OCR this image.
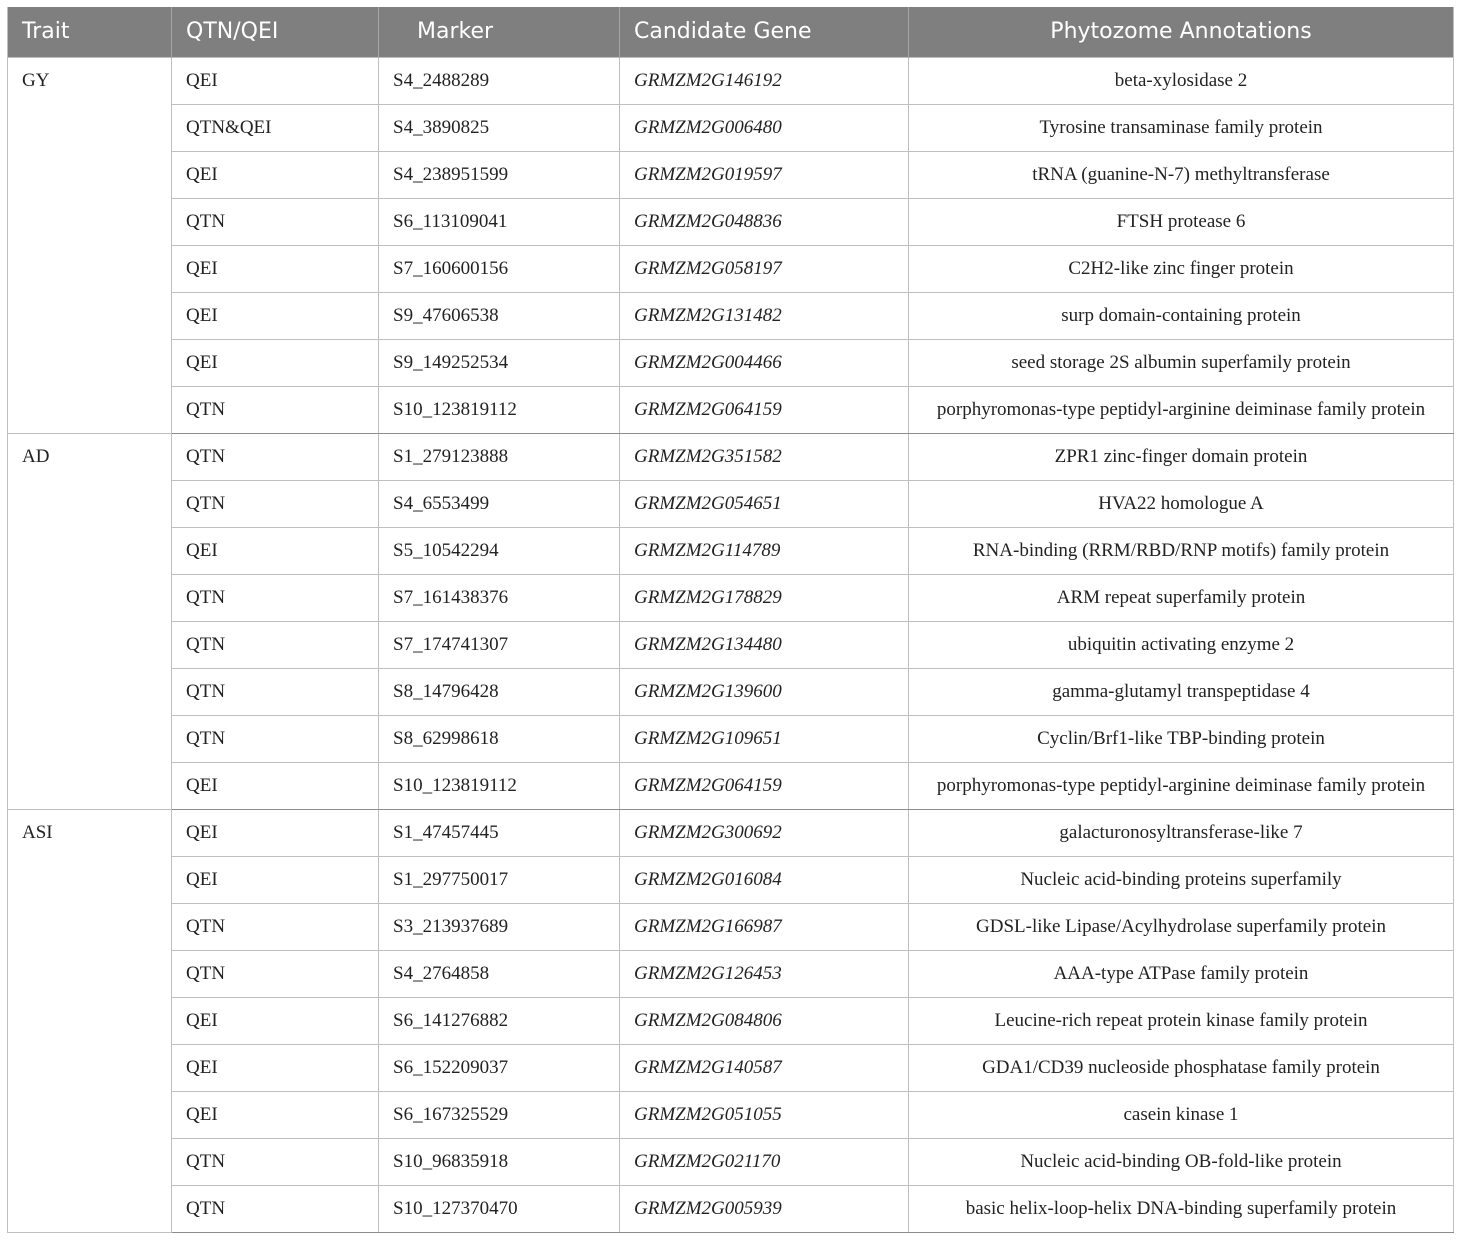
Trait	QTN/QEI	Marker	Candidate Gene	Phytozome Annotations
GY	QEI	S4_2488289	GRMZM2G146192	beta-xylosidase 2
	QTN&QEI	S4_3890825	GRMZM2G006480	Tyrosine transaminase family protein
	QEI	S4_238951599	GRMZM2G019597	tRNA (guanine-N-7) methyltransferase
	QTN	S6_113109041	GRMZM2G048836	FTSH protease 6
	QEI	S7_160600156	GRMZM2G058197	C2H2-like zinc finger protein
	QEI	S9_47606538	GRMZM2G131482	surp domain-containing protein
	QEI	S9_149252534	GRMZM2G004466	seed storage 2S albumin superfamily protein
	QTN	S10_123819112	GRMZM2G064159	porphyromonas-type peptidyl-arginine deiminase family protein
AD	QTN	S1_279123888	GRMZM2G351582	ZPR1 zinc-finger domain protein
	QTN	S4_6553499	GRMZM2G054651	HVA22 homologue A
	QEI	S5_10542294	GRMZM2G114789	RNA-binding (RRM/RBD/RNP motifs) family protein
	QTN	S7_161438376	GRMZM2G178829	ARM repeat superfamily protein
	QTN	S7_174741307	GRMZM2G134480	ubiquitin activating enzyme 2
	QTN	S8_14796428	GRMZM2G139600	gamma-glutamyl transpeptidase 4
	QTN	S8_62998618	GRMZM2G109651	Cyclin/Brf1-like TBP-binding protein
	QEI	S10_123819112	GRMZM2G064159	porphyromonas-type peptidyl-arginine deiminase family protein
ASI	QEI	S1_47457445	GRMZM2G300692	galacturonosyltransferase-like 7
	QEI	S1_297750017	GRMZM2G016084	Nucleic acid-binding proteins superfamily
	QTN	S3_213937689	GRMZM2G166987	GDSL-like Lipase/Acylhydrolase superfamily protein
	QTN	S4_2764858	GRMZM2G126453	AAA-type ATPase family protein
	QEI	S6_141276882	GRMZM2G084806	Leucine-rich repeat protein kinase family protein
	QEI	S6_152209037	GRMZM2G140587	GDA1/CD39 nucleoside phosphatase family protein
	QEI	S6_167325529	GRMZM2G051055	casein kinase 1
	QTN	S10_96835918	GRMZM2G021170	Nucleic acid-binding OB-fold-like protein
	QTN	S10_127370470	GRMZM2G005939	basic helix-loop-helix DNA-binding superfamily protein
